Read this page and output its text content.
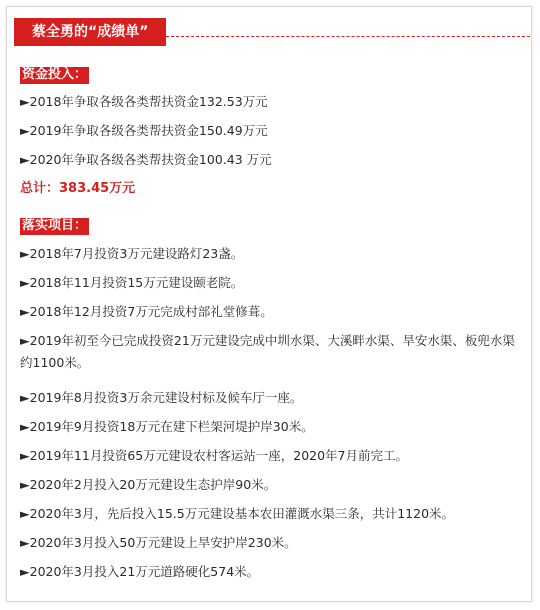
蔡全勇的“成绩单”
资金投入：
►2018年争取各级各类帮扶资金132.53万元
►2019年争取各级各类帮扶资金150.49万元
►2020年争取各级各类帮扶资金100.43 万元
总计：383.45万元
落实项目：
►2018年7月投资3万元建设路灯23盏。
►2018年11月投资15万元建设颐老院。
►2018年12月投资7万元完成村部礼堂修葺。
►2019年初至今已完成投资21万元建设完成中圳水渠、大溪畔水渠、旱安水渠、板兜水渠约1100米。
►2019年8月投资3万余元建设村标及候车厅一座。
►2019年9月投资18万元在建下栏架河堤护岸30米。
►2019年11月投资65万元建设农村客运站一座，2020年7月前完工。
►2020年2月投入20万元建设生态护岸90米。
►2020年3月，先后投入15.5万元建设基本农田灌溉水渠三条，共计1120米。
►2020年3月投入50万元建设上旱安护岸230米。
►2020年3月投入21万元道路硬化574米。
